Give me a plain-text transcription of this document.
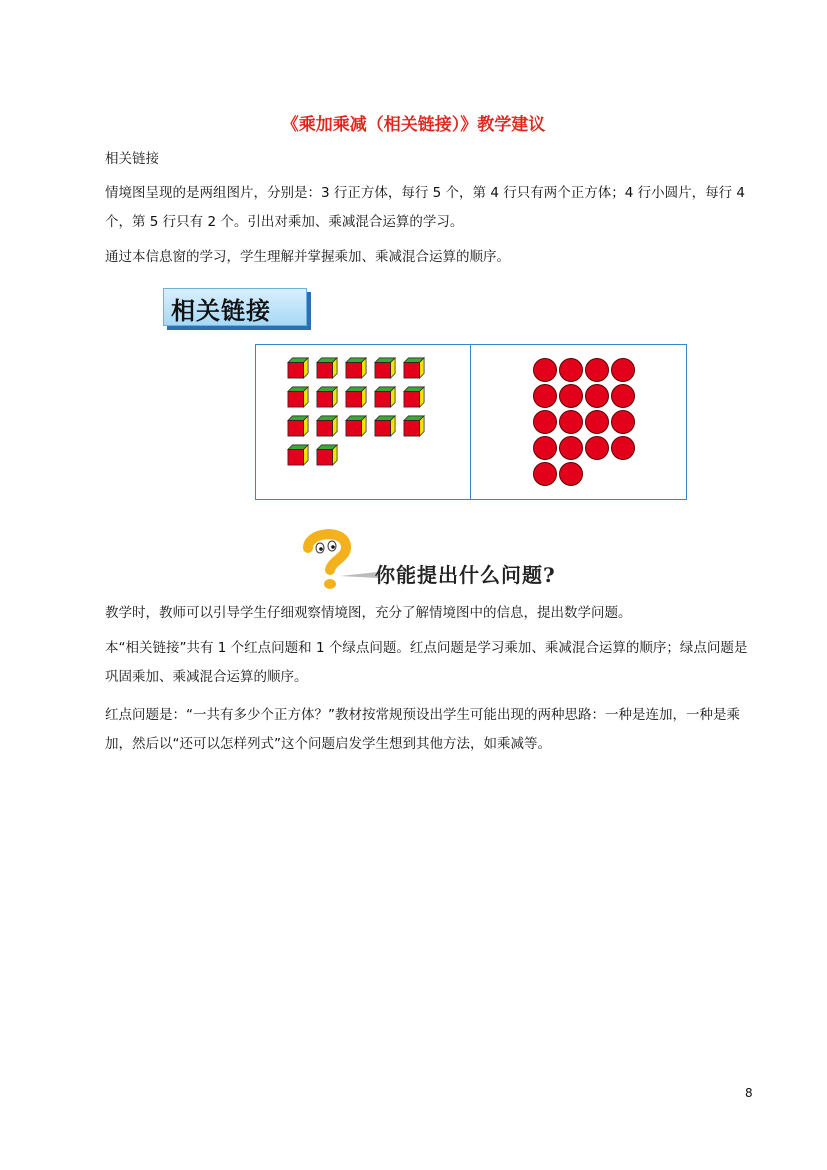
《乘加乘减（相关链接）》教学建议

相关链接

情境图呈现的是两组图片，分别是：3 行正方体，每行 5 个，第 4 行只有两个正方体；4 行小圆片，每行 4 个，第 5 行只有 2 个。引出对乘加、乘减混合运算的学习。

通过本信息窗的学习，学生理解并掌握乘加、乘减混合运算的顺序。

相关链接
你能提出什么问题?

教学时，教师可以引导学生仔细观察情境图，充分了解情境图中的信息，提出数学问题。

本“相关链接”共有 1 个红点问题和 1 个绿点问题。红点问题是学习乘加、乘减混合运算的顺序；绿点问题是巩固乘加、乘减混合运算的顺序。

红点问题是：“一共有多少个正方体？”教材按常规预设出学生可能出现的两种思路：一种是连加，一种是乘加，然后以“还可以怎样列式”这个问题启发学生想到其他方法，如乘减等。

8
